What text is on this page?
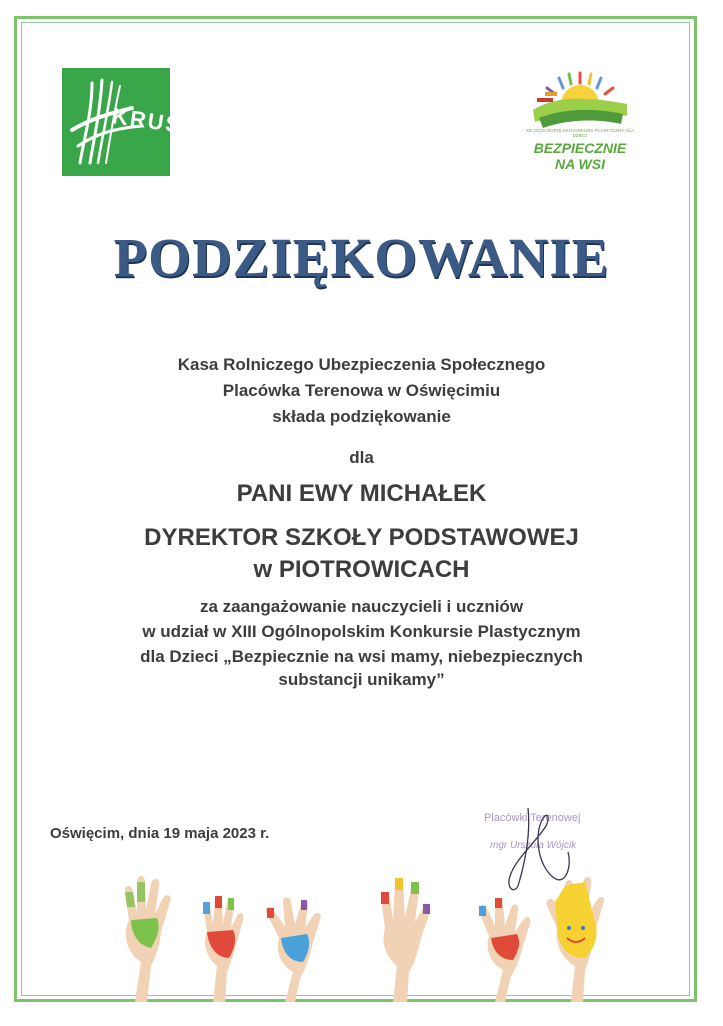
KRUS	XIII OGÓLNOPOLSKI KONKURS PLASTYCZNY DLA DZIECI
BEZPIECZNIE
NA WSI
PODZIĘKOWANIE
Kasa Rolniczego Ubezpieczenia Społecznego
Placówka Terenowa w Oświęcimiu
składa podziękowanie
dla
PANI EWY MICHAŁEK
DYREKTOR SZKOŁY PODSTAWOWEJ
w PIOTROWICACH
za zaangażowanie nauczycieli i uczniów
w udział w XIII Ogólnopolskim Konkursie Plastycznym
dla Dzieci „Bezpiecznie na wsi mamy, niebezpiecznych
substancji unikamy”
Oświęcim, dnia 19 maja 2023 r.
Placówki Terenowej
mgr Urszula Wójcik
